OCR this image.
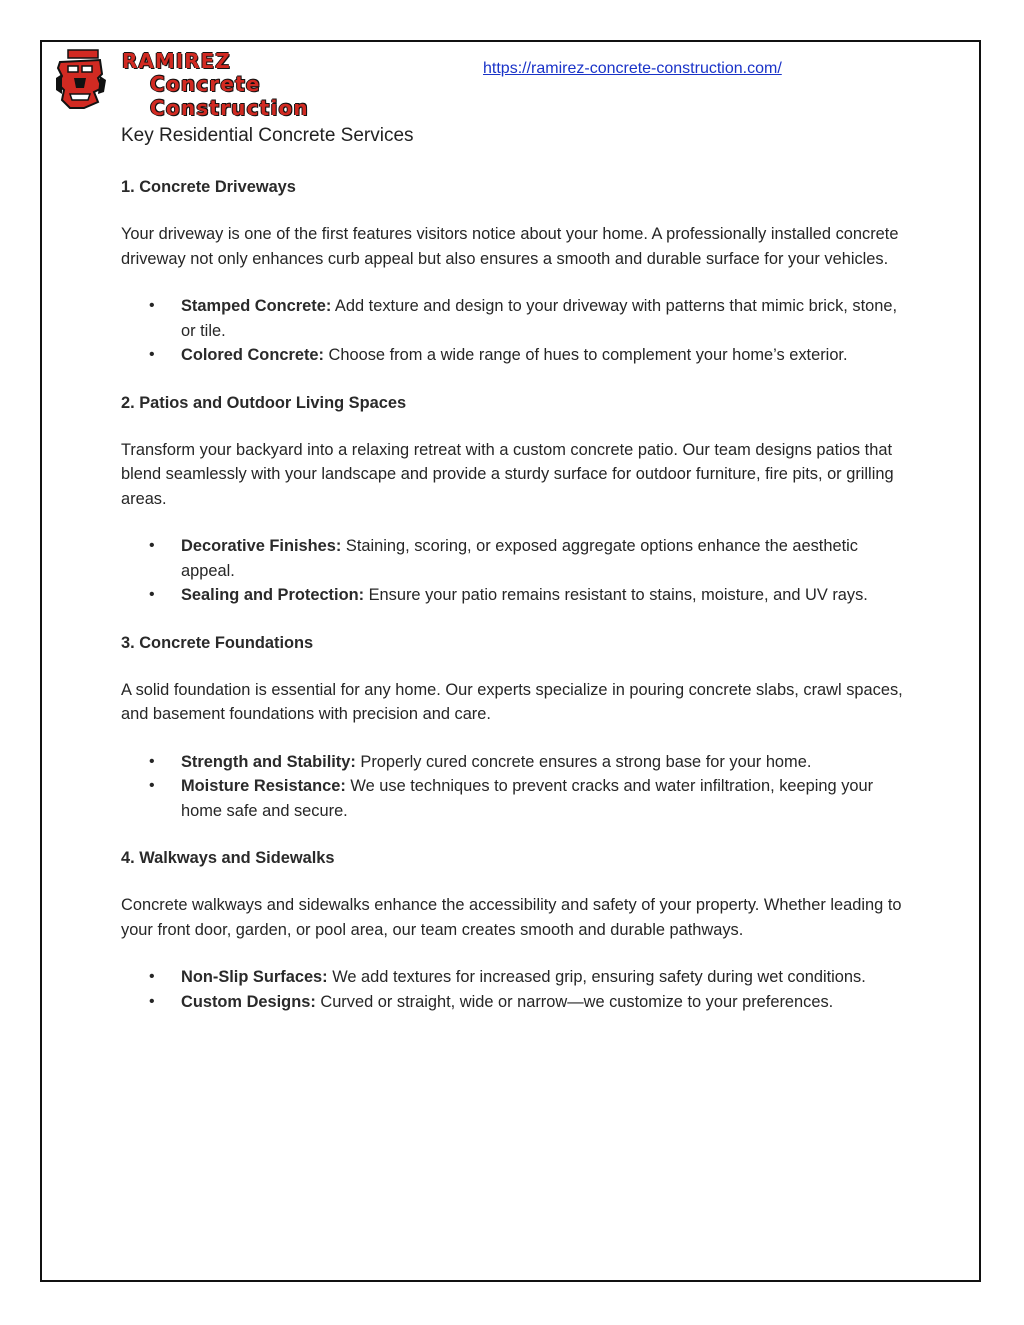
RAMIREZ
Concrete Construction
https://ramirez-concrete-construction.com/
Key Residential Concrete Services
1. Concrete Driveways

Your driveway is one of the first features visitors notice about your home. A professionally installed concrete driveway not only enhances curb appeal but also ensures a smooth and durable surface for your vehicles.

• Stamped Concrete: Add texture and design to your driveway with patterns that mimic brick, stone, or tile.
• Colored Concrete: Choose from a wide range of hues to complement your home’s exterior.
2. Patios and Outdoor Living Spaces

Transform your backyard into a relaxing retreat with a custom concrete patio. Our team designs patios that blend seamlessly with your landscape and provide a sturdy surface for outdoor furniture, fire pits, or grilling areas.

• Decorative Finishes: Staining, scoring, or exposed aggregate options enhance the aesthetic appeal.
• Sealing and Protection: Ensure your patio remains resistant to stains, moisture, and UV rays.
3. Concrete Foundations

A solid foundation is essential for any home. Our experts specialize in pouring concrete slabs, crawl spaces, and basement foundations with precision and care.

• Strength and Stability: Properly cured concrete ensures a strong base for your home.
• Moisture Resistance: We use techniques to prevent cracks and water infiltration, keeping your home safe and secure.
4. Walkways and Sidewalks

Concrete walkways and sidewalks enhance the accessibility and safety of your property. Whether leading to your front door, garden, or pool area, our team creates smooth and durable pathways.

• Non-Slip Surfaces: We add textures for increased grip, ensuring safety during wet conditions.
• Custom Designs: Curved or straight, wide or narrow—we customize to your preferences.
